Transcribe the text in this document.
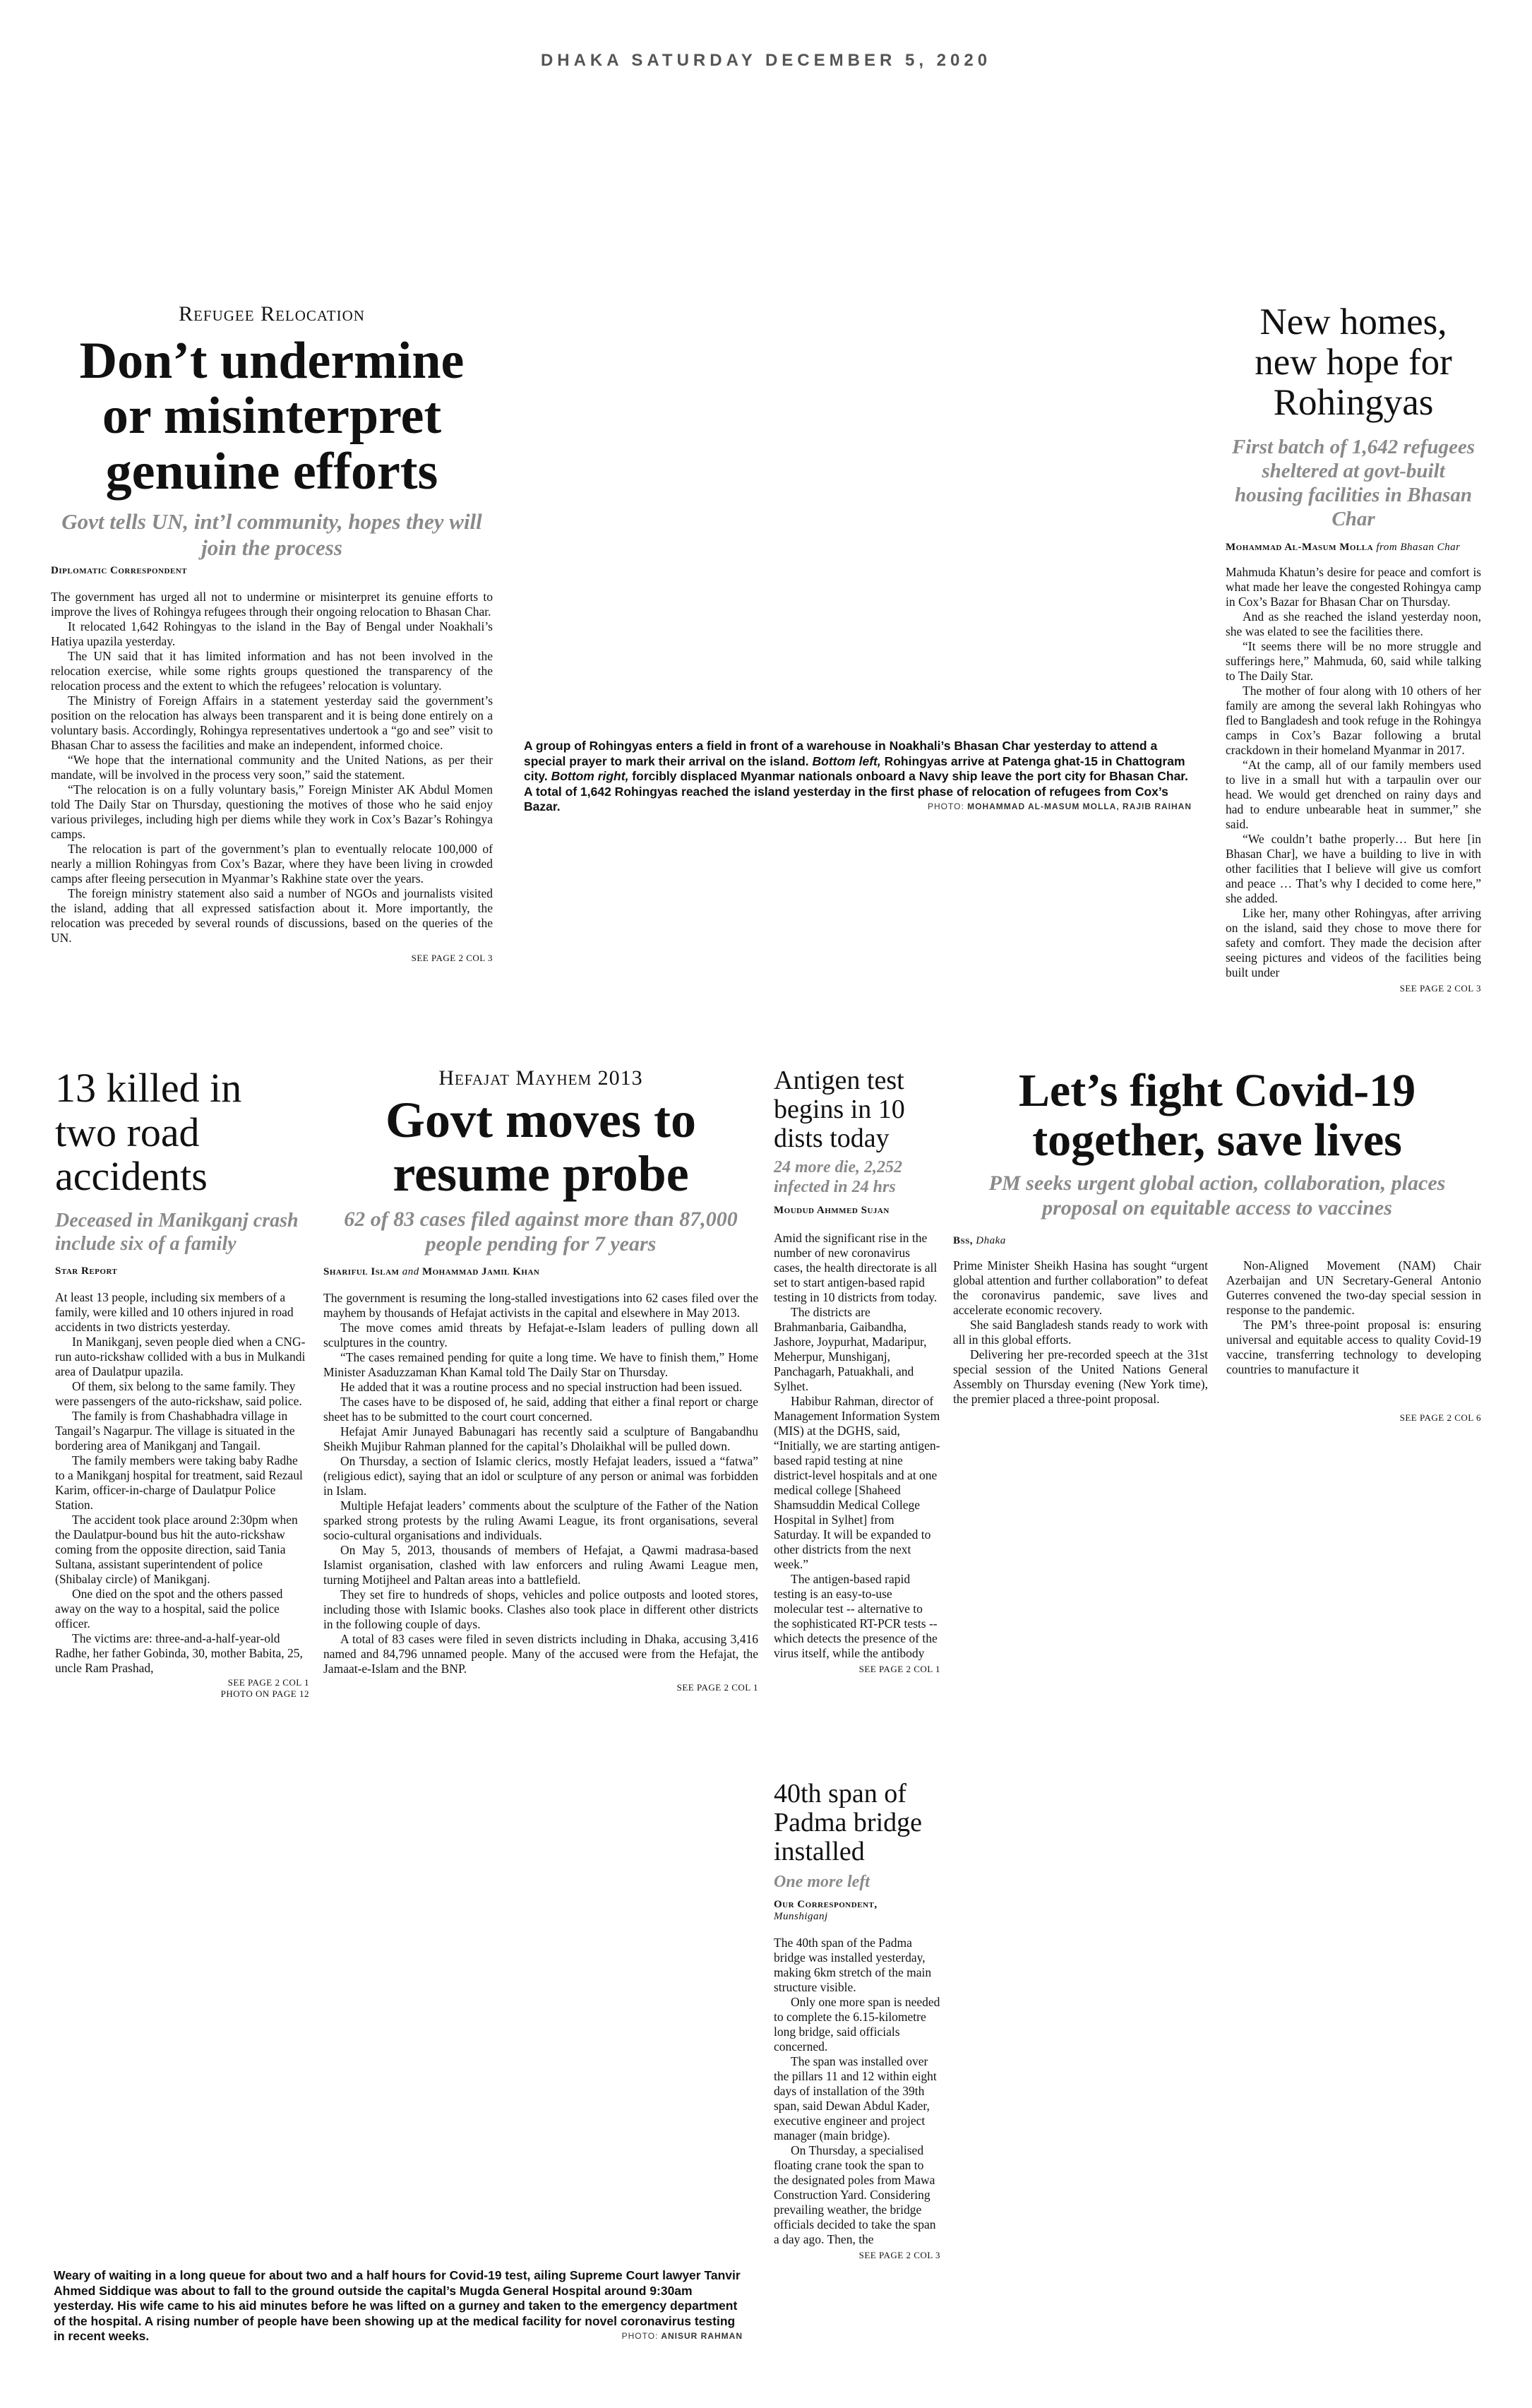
DHAKA SATURDAY DECEMBER 5, 2020
Refugee Relocation
Don’t undermine or misinterpret genuine efforts
Govt tells UN, int’l community, hopes they will join the process
Diplomatic Correspondent

The government has urged all not to undermine or misinterpret its genuine efforts to improve the lives of Rohingya refugees through their ongoing relocation to Bhasan Char.

It relocated 1,642 Rohingyas to the island in the Bay of Bengal under Noakhali’s Hatiya upazila yesterday.

The UN said that it has limited information and has not been involved in the relocation exercise, while some rights groups questioned the transparency of the relocation process and the extent to which the refugees’ relocation is voluntary.

The Ministry of Foreign Affairs in a statement yesterday said the government’s position on the relocation has always been transparent and it is being done entirely on a voluntary basis. Accordingly, Rohingya representatives undertook a “go and see” visit to Bhasan Char to assess the facilities and make an independent, informed choice.

“We hope that the international community and the United Nations, as per their mandate, will be involved in the process very soon,” said the statement.

“The relocation is on a fully voluntary basis,” Foreign Minister AK Abdul Momen told The Daily Star on Thursday, questioning the motives of those who he said enjoy various privileges, including high per diems while they work in Cox’s Bazar’s Rohingya camps.

The relocation is part of the government’s plan to eventually relocate 100,000 of nearly a million Rohingyas from Cox’s Bazar, where they have been living in crowded camps after fleeing persecution in Myanmar’s Rakhine state over the years.

The foreign ministry statement also said a number of NGOs and journalists visited the island, adding that all expressed satisfaction about it. More importantly, the relocation was preceded by several rounds of discussions, based on the queries of the UN.

SEE PAGE 2 COL 3
A group of Rohingyas enters a field in front of a warehouse in Noakhali’s Bhasan Char yesterday to attend a special prayer to mark their arrival on the island. Bottom left, Rohingyas arrive at Patenga ghat-15 in Chattogram city. Bottom right, forcibly displaced Myanmar nationals onboard a Navy ship leave the port city for Bhasan Char. A total of 1,642 Rohingyas reached the island yesterday in the first phase of relocation of refugees from Cox’s Bazar.	PHOTO: MOHAMMAD AL-MASUM MOLLA, RAJIB RAIHAN
New homes, new hope for Rohingyas
First batch of 1,642 refugees sheltered at govt-built housing facilities in Bhasan Char
Mohammad Al-Masum Molla from Bhasan Char

Mahmuda Khatun’s desire for peace and comfort is what made her leave the congested Rohingya camp in Cox’s Bazar for Bhasan Char on Thursday.

And as she reached the island yesterday noon, she was elated to see the facilities there.

“It seems there will be no more struggle and sufferings here,” Mahmuda, 60, said while talking to The Daily Star.

The mother of four along with 10 others of her family are among the several lakh Rohingyas who fled to Bangladesh and took refuge in the Rohingya camps in Cox’s Bazar following a brutal crackdown in their homeland Myanmar in 2017.

“At the camp, all of our family members used to live in a small hut with a tarpaulin over our head. We would get drenched on rainy days and had to endure unbearable heat in summer,” she said.

“We couldn’t bathe properly… But here [in Bhasan Char], we have a building to live in with other facilities that I believe will give us comfort and peace … That’s why I decided to come here,” she added.

Like her, many other Rohingyas, after arriving on the island, said they chose to move there for safety and comfort. They made the decision after seeing pictures and videos of the facilities being built under

SEE PAGE 2 COL 3
13 killed in two road accidents
Deceased in Manikganj crash include six of a family
Star Report

At least 13 people, including six members of a family, were killed and 10 others injured in road accidents in two districts yesterday.

In Manikganj, seven people died when a CNG-run auto-rickshaw collided with a bus in Mulkandi area of Daulatpur upazila.

Of them, six belong to the same family. They were passengers of the auto-rickshaw, said police.

The family is from Chashabhadra village in Tangail’s Nagarpur. The village is situated in the bordering area of Manikganj and Tangail.

The family members were taking baby Radhe to a Manikganj hospital for treatment, said Rezaul Karim, officer-in-charge of Daulatpur Police Station.

The accident took place around 2:30pm when the Daulatpur-bound bus hit the auto-rickshaw coming from the opposite direction, said Tania Sultana, assistant superintendent of police (Shibalay circle) of Manikganj.

One died on the spot and the others passed away on the way to a hospital, said the police officer.

The victims are: three-and-a-half-year-old Radhe, her father Gobinda, 30, mother Babita, 25, uncle Ram Prashad,

SEE PAGE 2 COL 1
PHOTO ON PAGE 12
Hefajat Mayhem 2013
Govt moves to resume probe
62 of 83 cases filed against more than 87,000 people pending for 7 years
Shariful Islam and Mohammad Jamil Khan

The government is resuming the long-stalled investigations into 62 cases filed over the mayhem by thousands of Hefajat activists in the capital and elsewhere in May 2013.

The move comes amid threats by Hefajat-e-Islam leaders of pulling down all sculptures in the country.

“The cases remained pending for quite a long time. We have to finish them,” Home Minister Asaduzzaman Khan Kamal told The Daily Star on Thursday.

He added that it was a routine process and no special instruction had been issued.

The cases have to be disposed of, he said, adding that either a final report or charge sheet has to be submitted to the court court concerned.

Hefajat Amir Junayed Babunagari has recently said a sculpture of Bangabandhu Sheikh Mujibur Rahman planned for the capital’s Dholaikhal will be pulled down.

On Thursday, a section of Islamic clerics, mostly Hefajat leaders, issued a “fatwa” (religious edict), saying that an idol or sculpture of any person or animal was forbidden in Islam.

Multiple Hefajat leaders’ comments about the sculpture of the Father of the Nation sparked strong protests by the ruling Awami League, its front organisations, several socio-cultural organisations and individuals.

On May 5, 2013, thousands of members of Hefajat, a Qawmi madrasa-based Islamist organisation, clashed with law enforcers and ruling Awami League men, turning Motijheel and Paltan areas into a battlefield.

They set fire to hundreds of shops, vehicles and police outposts and looted stores, including those with Islamic books. Clashes also took place in different other districts in the following couple of days.

A total of 83 cases were filed in seven districts including in Dhaka, accusing 3,416 named and 84,796 unnamed people. Many of the accused were from the Hefajat, the Jamaat-e-Islam and the BNP.

SEE PAGE 2 COL 1
Antigen test begins in 10 dists today
24 more die, 2,252 infected in 24 hrs
Moudud Ahmmed Sujan

Amid the significant rise in the number of new coronavirus cases, the health directorate is all set to start antigen-based rapid testing in 10 districts from today.

The districts are Brahmanbaria, Gaibandha, Jashore, Joypurhat, Madaripur, Meherpur, Munshiganj, Panchagarh, Patuakhali, and Sylhet.

Habibur Rahman, director of Management Information System (MIS) at the DGHS, said, “Initially, we are starting antigen-based rapid testing at nine district-level hospitals and at one medical college [Shaheed Shamsuddin Medical College Hospital in Sylhet] from Saturday. It will be expanded to other districts from the next week.”

The antigen-based rapid testing is an easy-to-use molecular test -- alternative to the sophisticated RT-PCR tests -- which detects the presence of the virus itself, while the antibody

SEE PAGE 2 COL 1
Let’s fight Covid-19 together, save lives
PM seeks urgent global action, collaboration, places proposal on equitable access to vaccines
Bss, Dhaka

Prime Minister Sheikh Hasina has sought “urgent global attention and further collaboration” to defeat the coronavirus pandemic, save lives and accelerate economic recovery.

She said Bangladesh stands ready to work with all in this global efforts.

Delivering her pre-recorded speech at the 31st special session of the United Nations General Assembly on Thursday evening (New York time), the premier placed a three-point proposal.

Non-Aligned Movement (NAM) Chair Azerbaijan and UN Secretary-General Antonio Guterres convened the two-day special session in response to the pandemic.

The PM’s three-point proposal is: ensuring universal and equitable access to quality Covid-19 vaccine, transferring technology to developing countries to manufacture it

SEE PAGE 2 COL 6
40th span of Padma bridge installed
One more left
Our Correspondent,
Munshiganj

The 40th span of the Padma bridge was installed yesterday, making 6km stretch of the main structure visible.

Only one more span is needed to complete the 6.15-kilometre long bridge, said officials concerned.

The span was installed over the pillars 11 and 12 within eight days of installation of the 39th span, said Dewan Abdul Kader, executive engineer and project manager (main bridge).

On Thursday, a specialised floating crane took the span to the designated poles from Mawa Construction Yard. Considering prevailing weather, the bridge officials decided to take the span a day ago. Then, the

SEE PAGE 2 COL 3
Weary of waiting in a long queue for about two and a half hours for Covid-19 test, ailing Supreme Court lawyer Tanvir Ahmed Siddique was about to fall to the ground outside the capital’s Mugda General Hospital around 9:30am yesterday. His wife came to his aid minutes before he was lifted on a gurney and taken to the emergency department of the hospital. A rising number of people have been showing up at the medical facility for novel coronavirus testing in recent weeks.	PHOTO: ANISUR RAHMAN
